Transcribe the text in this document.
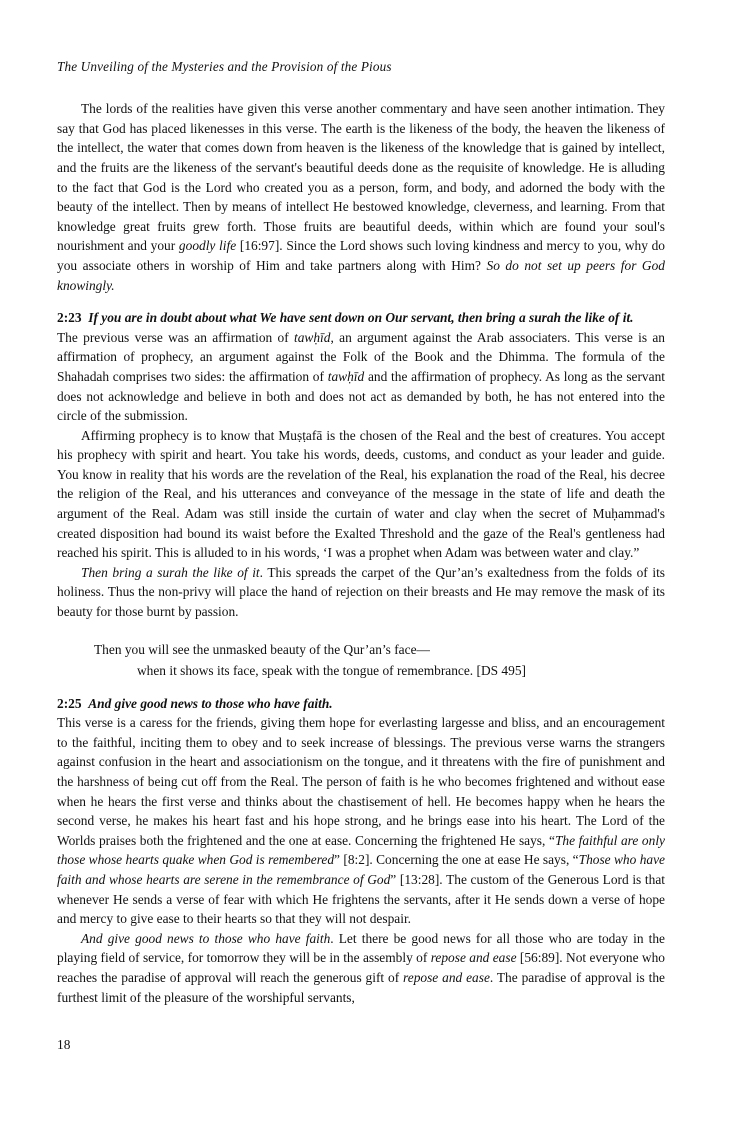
The Unveiling of the Mysteries and the Provision of the Pious

The lords of the realities have given this verse another commentary and have seen another intimation. They say that God has placed likenesses in this verse. The earth is the likeness of the body, the heaven the likeness of the intellect, the water that comes down from heaven is the likeness of the knowledge that is gained by intellect, and the fruits are the likeness of the servant's beautiful deeds done as the requisite of knowledge. He is alluding to the fact that God is the Lord who created you as a person, form, and body, and adorned the body with the beauty of the intellect. Then by means of intellect He bestowed knowledge, cleverness, and learning. From that knowledge great fruits grew forth. Those fruits are beautiful deeds, within which are found your soul's nourishment and your goodly life [16:97]. Since the Lord shows such loving kindness and mercy to you, why do you associate others in worship of Him and take partners along with Him? So do not set up peers for God knowingly.

2:23 If you are in doubt about what We have sent down on Our servant, then bring a surah the like of it.

The previous verse was an affirmation of tawḥīd, an argument against the Arab associaters. This verse is an affirmation of prophecy, an argument against the Folk of the Book and the Dhimma. The formula of the Shahadah comprises two sides: the affirmation of tawḥīd and the affirmation of prophecy. As long as the servant does not acknowledge and believe in both and does not act as demanded by both, he has not entered into the circle of the submission.

Affirming prophecy is to know that Muṣṭafā is the chosen of the Real and the best of creatures. You accept his prophecy with spirit and heart. You take his words, deeds, customs, and conduct as your leader and guide. You know in reality that his words are the revelation of the Real, his explanation the road of the Real, his decree the religion of the Real, and his utterances and conveyance of the message in the state of life and death the argument of the Real. Adam was still inside the curtain of water and clay when the secret of Muḥammad's created disposition had bound its waist before the Exalted Threshold and the gaze of the Real's gentleness had reached his spirit. This is alluded to in his words, ‘I was a prophet when Adam was between water and clay.”

Then bring a surah the like of it. This spreads the carpet of the Qur’an’s exaltedness from the folds of its holiness. Thus the non-privy will place the hand of rejection on their breasts and He may remove the mask of its beauty for those burnt by passion.

Then you will see the unmasked beauty of the Qur’an’s face—
when it shows its face, speak with the tongue of remembrance. [DS 495]

2:25 And give good news to those who have faith.

This verse is a caress for the friends, giving them hope for everlasting largesse and bliss, and an encouragement to the faithful, inciting them to obey and to seek increase of blessings. The previous verse warns the strangers against confusion in the heart and associationism on the tongue, and it threatens with the fire of punishment and the harshness of being cut off from the Real. The person of faith is he who becomes frightened and without ease when he hears the first verse and thinks about the chastisement of hell. He becomes happy when he hears the second verse, he makes his heart fast and his hope strong, and he brings ease into his heart. The Lord of the Worlds praises both the frightened and the one at ease. Concerning the frightened He says, “The faithful are only those whose hearts quake when God is remembered” [8:2]. Concerning the one at ease He says, “Those who have faith and whose hearts are serene in the remembrance of God” [13:28]. The custom of the Generous Lord is that whenever He sends a verse of fear with which He frightens the servants, after it He sends down a verse of hope and mercy to give ease to their hearts so that they will not despair.

And give good news to those who have faith. Let there be good news for all those who are today in the playing field of service, for tomorrow they will be in the assembly of repose and ease [56:89]. Not everyone who reaches the paradise of approval will reach the generous gift of repose and ease. The paradise of approval is the furthest limit of the pleasure of the worshipful servants,

18
